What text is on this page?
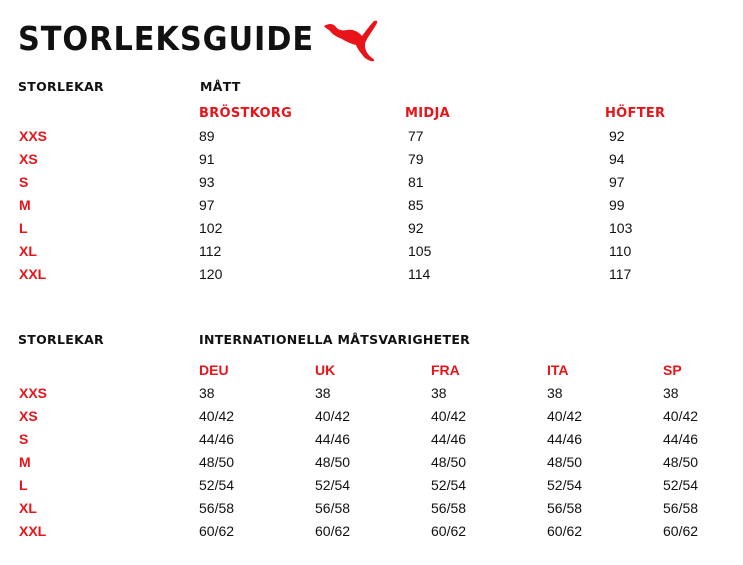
STORLEKSGUIDE
STORLEKAR	MÅTT
BRÖSTKORG	MIDJA	HÖFTER
XXS	89	77	92
XS	91	79	94
S	93	81	97
M	97	85	99
L	102	92	103
XL	112	105	110
XXL	120	114	117
STORLEKAR	INTERNATIONELLA MÅTSVARIGHETER
DEU	UK	FRA	ITA	SP
XXS	38	38	38	38	38
XS	40/42	40/42	40/42	40/42	40/42
S	44/46	44/46	44/46	44/46	44/46
M	48/50	48/50	48/50	48/50	48/50
L	52/54	52/54	52/54	52/54	52/54
XL	56/58	56/58	56/58	56/58	56/58
XXL	60/62	60/62	60/62	60/62	60/62
